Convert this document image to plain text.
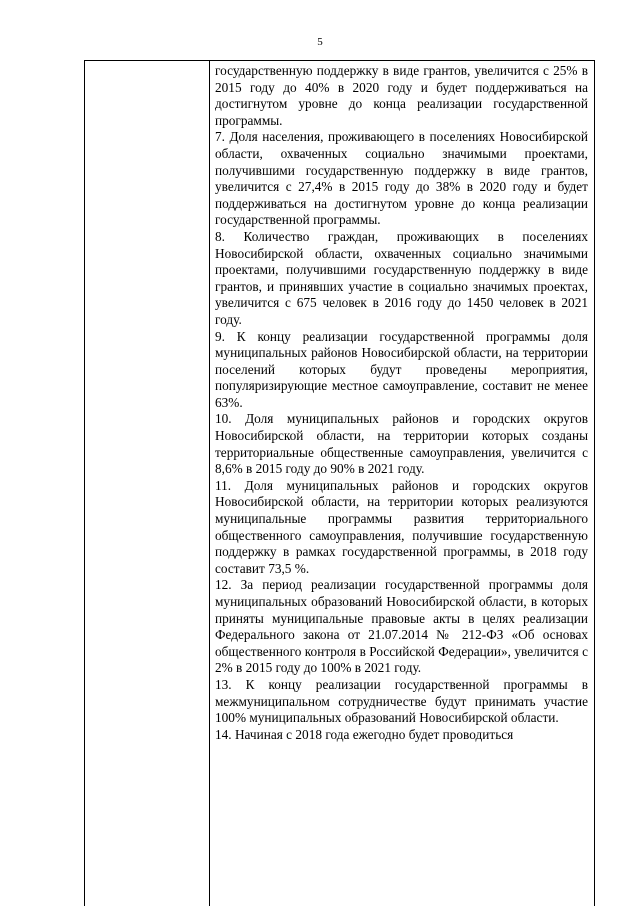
5

государственную поддержку в виде грантов, увеличится с 25% в 2015 году до 40% в 2020 году и будет поддерживаться на достигнутом уровне до конца реализации государственной программы.

7. Доля населения, проживающего в поселениях Новосибирской области, охваченных социально значимыми проектами, получившими государственную поддержку в виде грантов, увеличится с 27,4% в 2015 году до 38% в 2020 году и будет поддерживаться на достигнутом уровне до конца реализации государственной программы.

8. Количество граждан, проживающих в поселениях Новосибирской области, охваченных социально значимыми проектами, получившими государственную поддержку в виде грантов, и принявших участие в социально значимых проектах, увеличится с 675 человек в 2016 году до 1450 человек в 2021 году.

9. К концу реализации государственной программы доля муниципальных районов Новосибирской области, на территории поселений которых будут проведены мероприятия, популяризирующие местное самоуправление, составит не менее 63%.

10. Доля муниципальных районов и городских округов Новосибирской области, на территории которых созданы территориальные общественные самоуправления, увеличится с 8,6% в 2015 году до 90% в 2021 году.

11. Доля муниципальных районов и городских округов Новосибирской области, на территории которых реализуются муниципальные программы развития территориального общественного самоуправления, получившие государственную поддержку в рамках государственной программы, в 2018 году составит 73,5 %.

12. За период реализации государственной программы доля муниципальных образований Новосибирской области, в которых приняты муниципальные правовые акты в целях реализации Федерального закона от 21.07.2014 № 212-ФЗ «Об основах общественного контроля в Российской Федерации», увеличится с 2% в 2015 году до 100% в 2021 году.

13. К концу реализации государственной программы в межмуниципальном сотрудничестве будут принимать участие 100% муниципальных образований Новосибирской области.

14. Начиная с 2018 года ежегодно будет проводиться
